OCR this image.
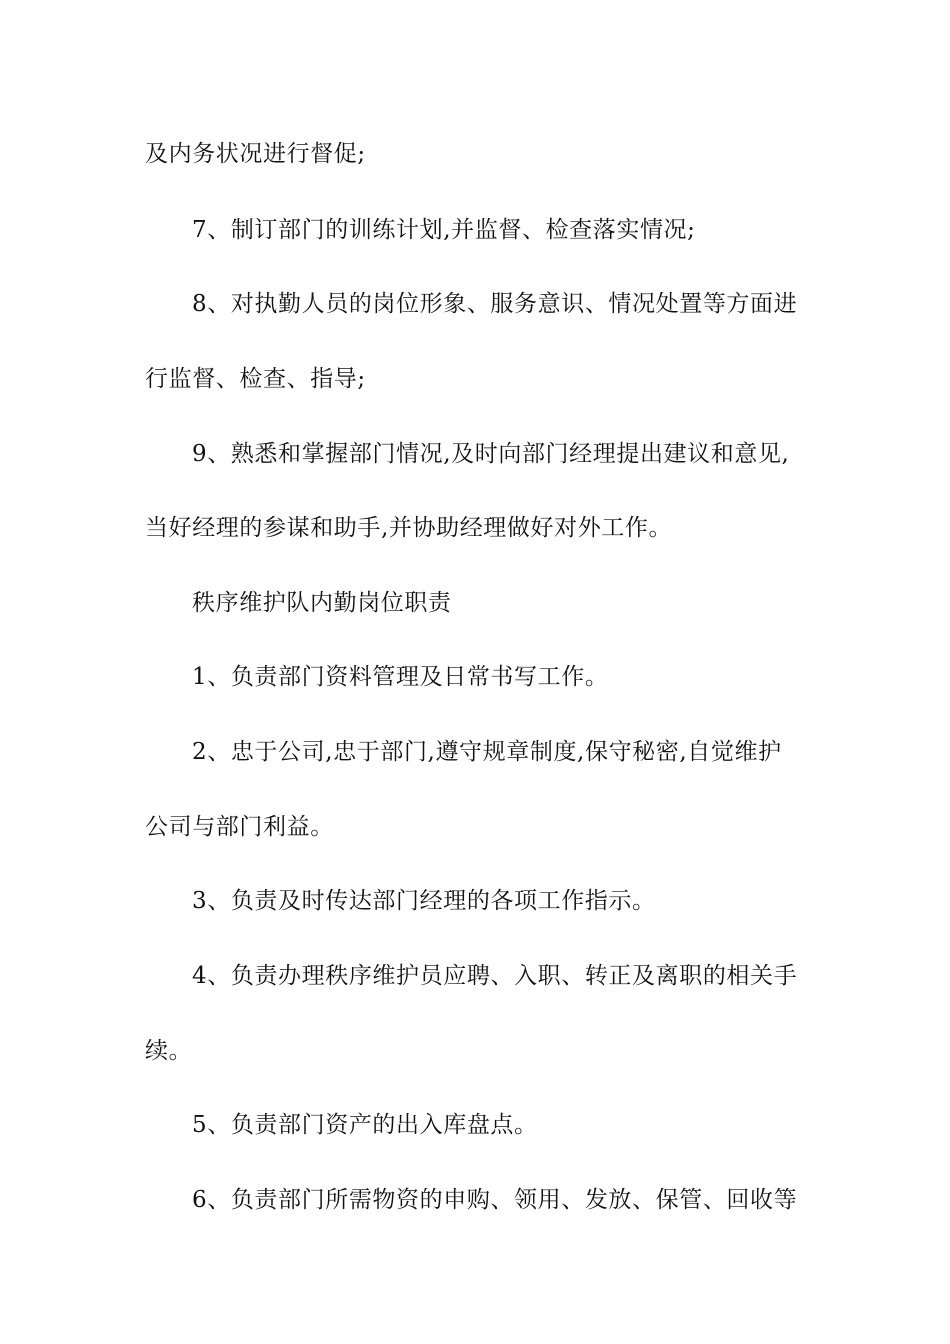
及内务状况进行督促;
7、制订部门的训练计划,并监督、检查落实情况;
8、对执勤人员的岗位形象、服务意识、情况处置等方面进
行监督、检查、指导;
9、熟悉和掌握部门情况,及时向部门经理提出建议和意见,
当好经理的参谋和助手,并协助经理做好对外工作。
秩序维护队内勤岗位职责
1、负责部门资料管理及日常书写工作。
2、忠于公司,忠于部门,遵守规章制度,保守秘密,自觉维护
公司与部门利益。
3、负责及时传达部门经理的各项工作指示。
4、负责办理秩序维护员应聘、入职、转正及离职的相关手
续。
5、负责部门资产的出入库盘点。
6、负责部门所需物资的申购、领用、发放、保管、回收等
